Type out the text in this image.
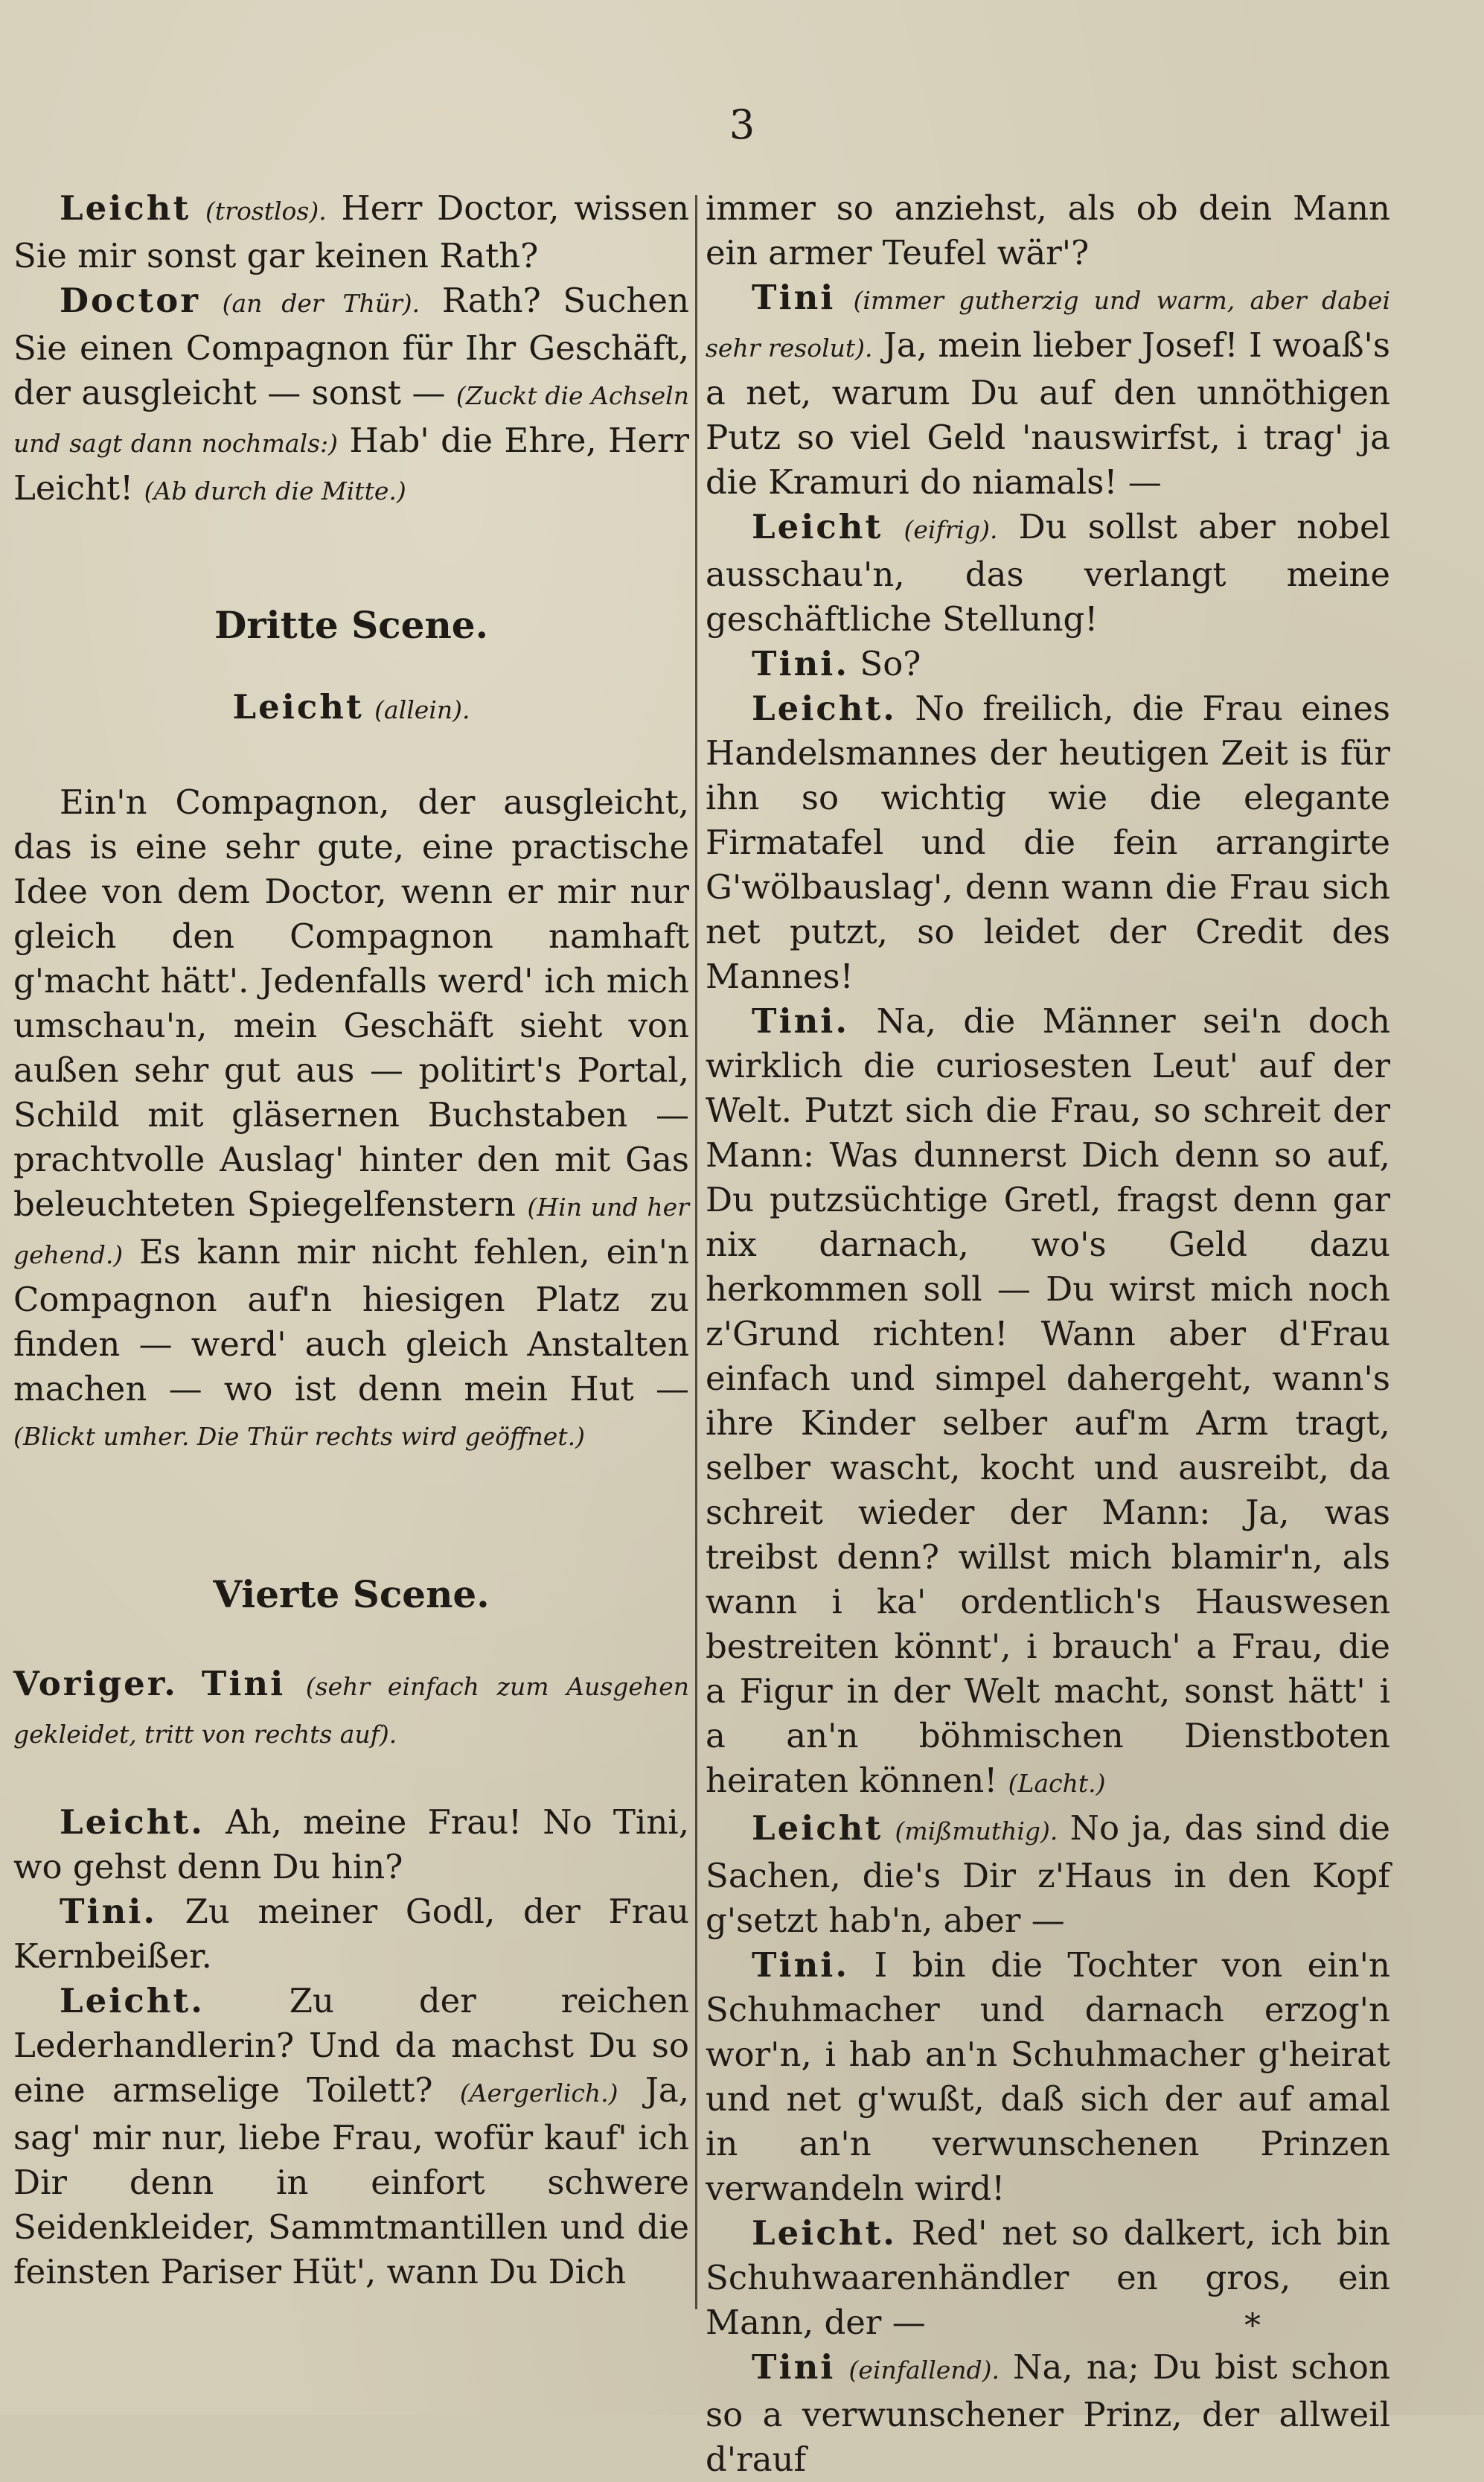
3

Leicht (trostlos). Herr Doctor, wissen Sie mir sonst gar keinen Rath?

Doctor (an der Thür). Rath? Suchen Sie einen Compagnon für Ihr Geschäft, der ausgleicht — sonst — (Zuckt die Achseln und sagt dann nochmals:) Hab' die Ehre, Herr Leicht! (Ab durch die Mitte.)

Dritte Scene.

Leicht (allein).

Ein'n Compagnon, der ausgleicht, das is eine sehr gute, eine practische Idee von dem Doctor, wenn er mir nur gleich den Compagnon namhaft g'macht hätt'. Jedenfalls werd' ich mich umschau'n, mein Geschäft sieht von außen sehr gut aus — politirt's Portal, Schild mit gläsernen Buchstaben — prachtvolle Auslag' hinter den mit Gas beleuchteten Spiegelfenstern (Hin und her gehend.) Es kann mir nicht fehlen, ein'n Compagnon auf'n hiesigen Platz zu finden — werd' auch gleich Anstalten machen — wo ist denn mein Hut — (Blickt umher. Die Thür rechts wird geöffnet.)

Vierte Scene.

Voriger. Tini (sehr einfach zum Ausgehen gekleidet, tritt von rechts auf).

Leicht. Ah, meine Frau! No Tini, wo gehst denn Du hin?

Tini. Zu meiner Godl, der Frau Kernbeißer.

Leicht. Zu der reichen Lederhandlerin? Und da machst Du so eine armselige Toilett? (Aergerlich.) Ja, sag' mir nur, liebe Frau, wofür kauf' ich Dir denn in einfort schwere Seidenkleider, Sammtmantillen und die feinsten Pariser Hüt', wann Du Dich

immer so anziehst, als ob dein Mann ein armer Teufel wär'?

Tini (immer gutherzig und warm, aber dabei sehr resolut). Ja, mein lieber Josef! I woaß's a net, warum Du auf den unnöthigen Putz so viel Geld 'nauswirfst, i trag' ja die Kramuri do niamals! —

Leicht (eifrig). Du sollst aber nobel ausschau'n, das verlangt meine geschäftliche Stellung!

Tini. So?

Leicht. No freilich, die Frau eines Handelsmannes der heutigen Zeit is für ihn so wichtig wie die elegante Firmatafel und die fein arrangirte G'wölbauslag', denn wann die Frau sich net putzt, so leidet der Credit des Mannes!

Tini. Na, die Männer sei'n doch wirklich die curiosesten Leut' auf der Welt. Putzt sich die Frau, so schreit der Mann: Was dunnerst Dich denn so auf, Du putzsüchtige Gretl, fragst denn gar nix darnach, wo's Geld dazu herkommen soll — Du wirst mich noch z'Grund richten! Wann aber d'Frau einfach und simpel dahergeht, wann's ihre Kinder selber auf'm Arm tragt, selber wascht, kocht und ausreibt, da schreit wieder der Mann: Ja, was treibst denn? willst mich blamir'n, als wann i ka' ordentlich's Hauswesen bestreiten könnt', i brauch' a Frau, die a Figur in der Welt macht, sonst hätt' i a an'n böhmischen Dienstboten heiraten können! (Lacht.)

Leicht (mißmuthig). No ja, das sind die Sachen, die's Dir z'Haus in den Kopf g'setzt hab'n, aber —

Tini. I bin die Tochter von ein'n Schuhmacher und darnach erzog'n wor'n, i hab an'n Schuhmacher g'heirat und net g'wußt, daß sich der auf amal in an'n verwunschenen Prinzen verwandeln wird!

Leicht. Red' net so dalkert, ich bin Schuhwaarenhändler en gros, ein Mann, der —

Tini (einfallend). Na, na; Du bist schon so a verwunschener Prinz, der allweil d'rauf

*
